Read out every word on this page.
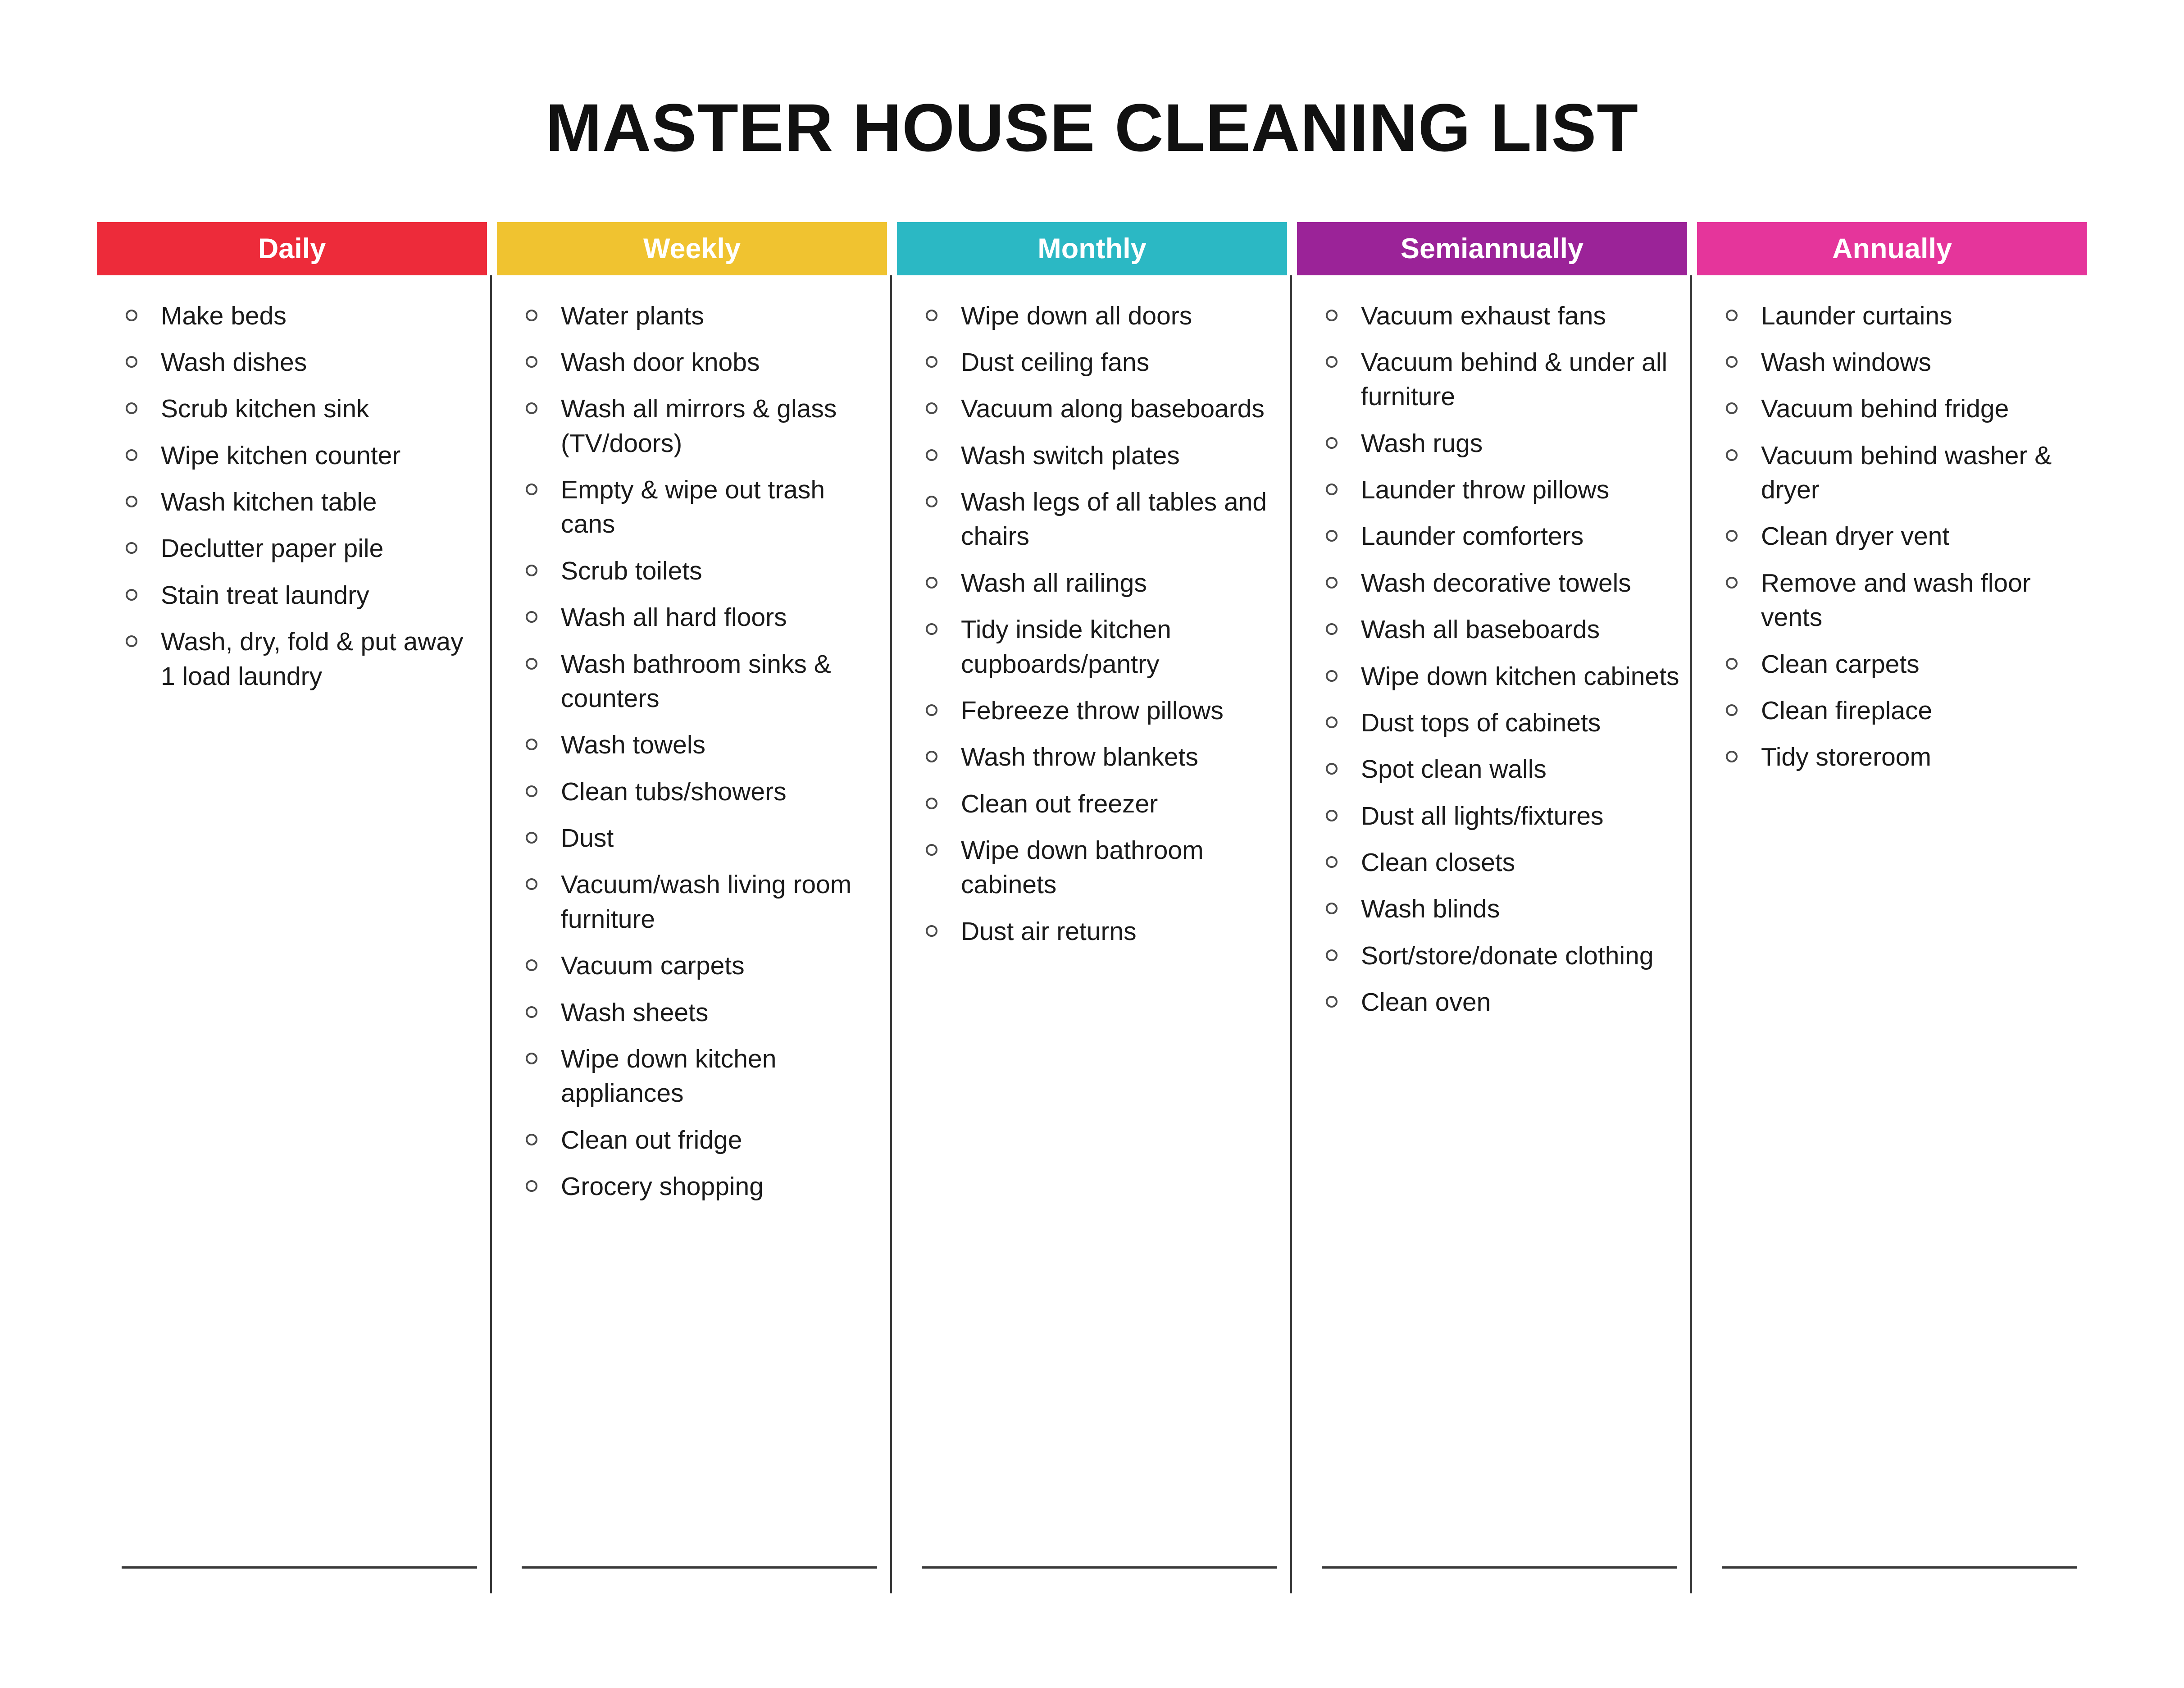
MASTER HOUSE CLEANING LIST
Daily
Make beds
Wash dishes
Scrub kitchen sink
Wipe kitchen counter
Wash kitchen table
Declutter paper pile
Stain treat laundry
Wash, dry, fold & put away 1 load laundry
Weekly
Water plants
Wash door knobs
Wash all mirrors & glass (TV/doors)
Empty & wipe out trash cans
Scrub toilets
Wash all hard floors
Wash bathroom sinks & counters
Wash towels
Clean tubs/showers
Dust
Vacuum/wash living room furniture
Vacuum carpets
Wash sheets
Wipe down kitchen appliances
Clean out fridge
Grocery shopping
Monthly
Wipe down all doors
Dust ceiling fans
Vacuum along baseboards
Wash switch plates
Wash legs of all tables and chairs
Wash all railings
Tidy inside kitchen cupboards/pantry
Febreeze throw pillows
Wash throw blankets
Clean out freezer
Wipe down bathroom cabinets
Dust air returns
Semiannually
Vacuum exhaust fans
Vacuum behind & under all furniture
Wash rugs
Launder throw pillows
Launder comforters
Wash decorative towels
Wash all baseboards
Wipe down kitchen cabinets
Dust tops of cabinets
Spot clean walls
Dust all lights/fixtures
Clean closets
Wash blinds
Sort/store/donate clothing
Clean oven
Annually
Launder curtains
Wash windows
Vacuum behind fridge
Vacuum behind washer & dryer
Clean dryer vent
Remove and wash floor vents
Clean carpets
Clean fireplace
Tidy storeroom
